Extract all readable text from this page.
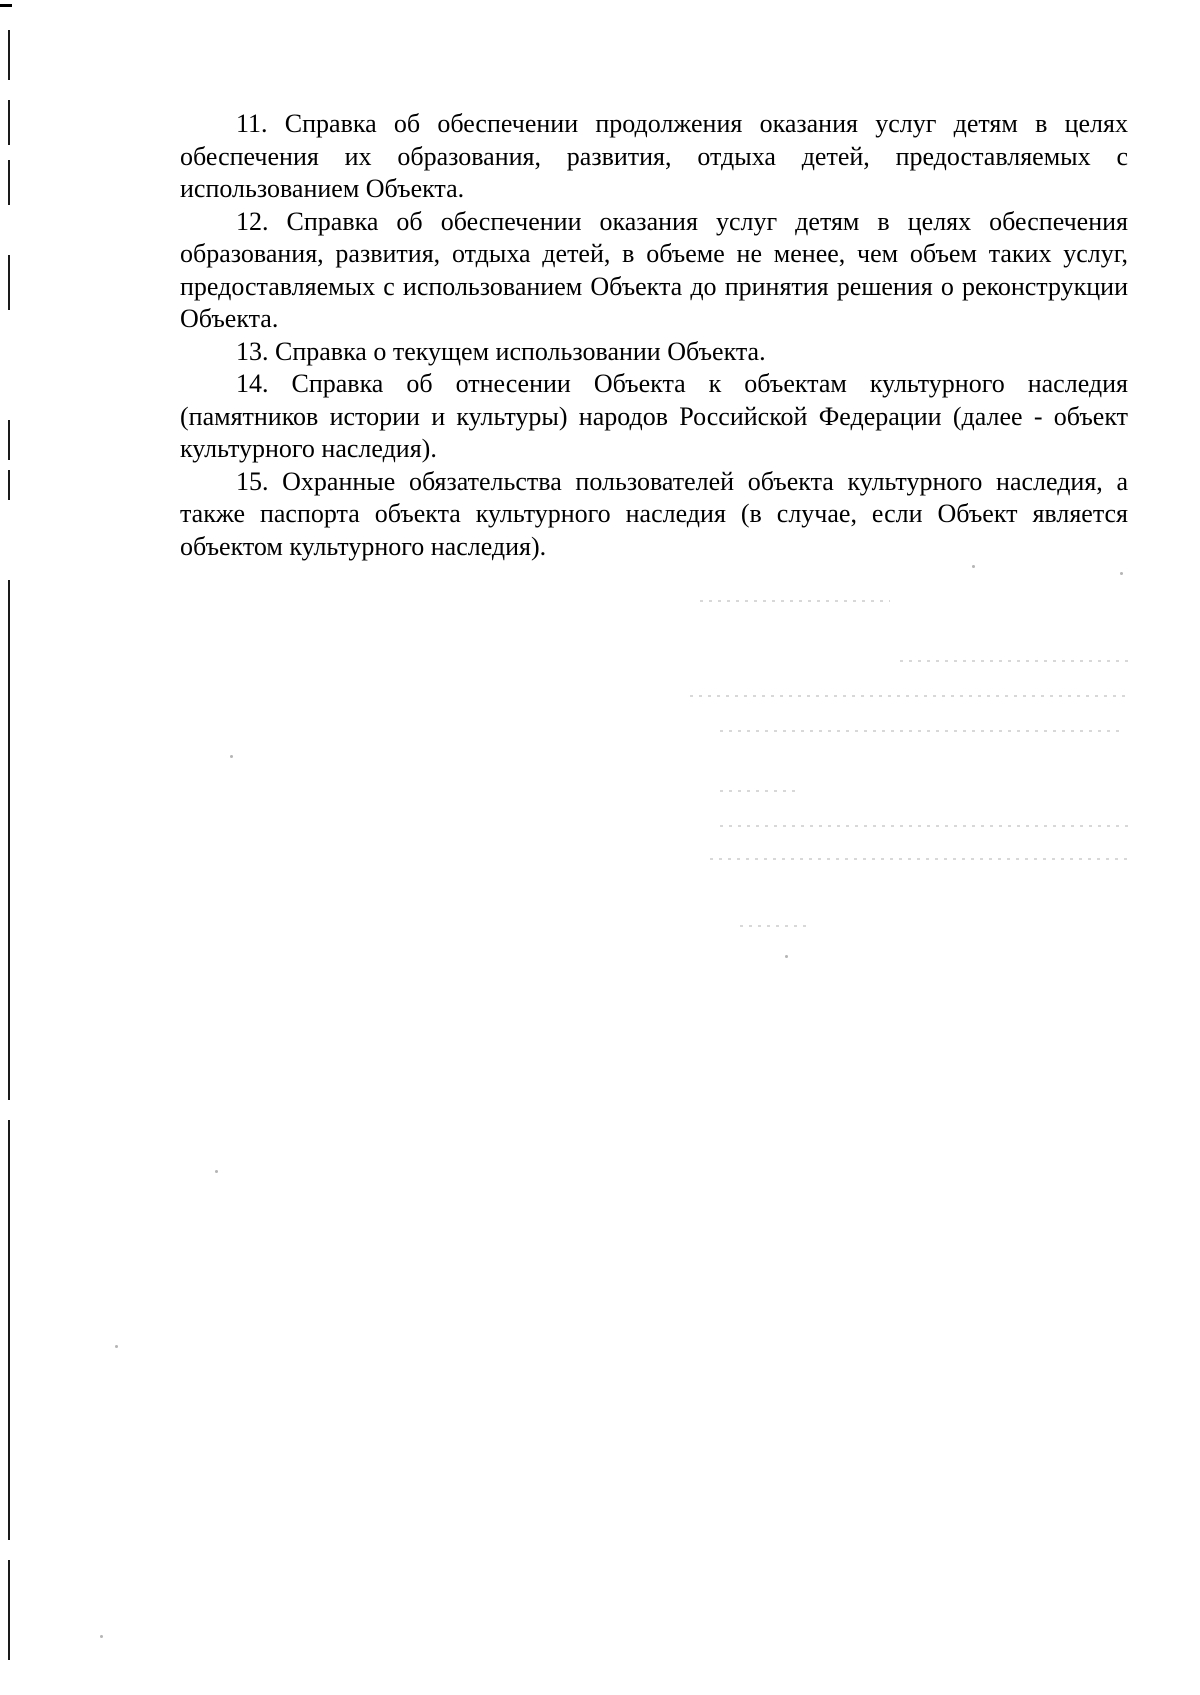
11. Справка об обеспечении продолжения оказания услуг детям в целях обеспечения их образования, развития, отдыха детей, предоставляемых с использованием Объекта.

12. Справка об обеспечении оказания услуг детям в целях обеспечения образования, развития, отдыха детей, в объеме не менее, чем объем таких услуг, предоставляемых с использованием Объекта до принятия решения о реконструкции Объекта.

13. Справка о текущем использовании Объекта.

14. Справка об отнесении Объекта к объектам культурного наследия (памятников истории и культуры) народов Российской Федерации (далее - объект культурного наследия).

15. Охранные обязательства пользователей объекта культурного наследия, а также паспорта объекта культурного наследия (в случае, если Объект является объектом культурного наследия).
